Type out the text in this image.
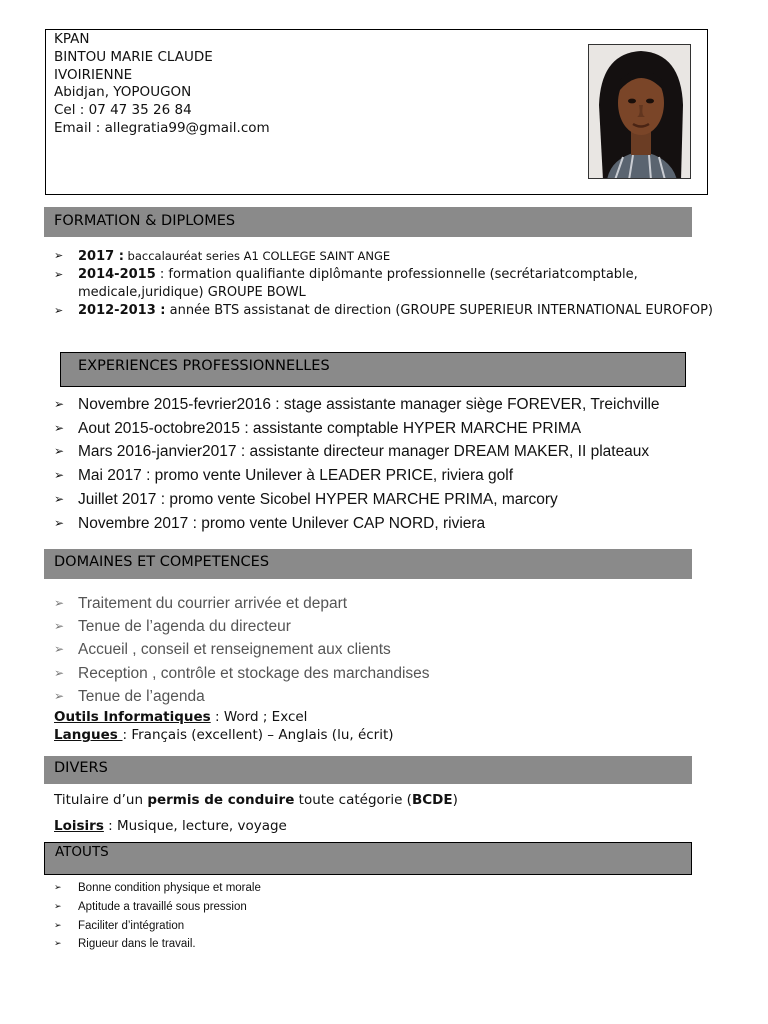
KPAN
BINTOU MARIE CLAUDE
IVOIRIENNE
Abidjan, YOPOUGON
Cel : 07 47 35 26 84
Email : allegratia99@gmail.com
FORMATION & DIPLOMES
➢ 2017 : baccalauréat series A1 COLLEGE SAINT ANGE
➢ 2014-2015 : formation qualifiante diplômante professionnelle (secrétariatcomptable, medicale,juridique) GROUPE BOWL
➢ 2012-2013 : année BTS assistanat de direction (GROUPE SUPERIEUR INTERNATIONAL EUROFOP)
EXPERIENCES PROFESSIONNELLES
➢ Novembre 2015-fevrier2016 : stage assistante manager siège FOREVER, Treichville
➢ Aout 2015-octobre2015 : assistante comptable HYPER MARCHE PRIMA
➢ Mars 2016-janvier2017 : assistante directeur manager DREAM MAKER, II plateaux
➢ Mai 2017 : promo vente Unilever à LEADER PRICE, riviera golf
➢ Juillet 2017 : promo vente Sicobel HYPER MARCHE PRIMA, marcory
➢ Novembre 2017 : promo vente Unilever CAP NORD, riviera
DOMAINES ET COMPETENCES
➢ Traitement du courrier arrivée et depart
➢ Tenue de l’agenda du directeur
➢ Accueil , conseil et renseignement aux clients
➢ Reception , contrôle et stockage des marchandises
➢ Tenue de l’agenda
Outils Informatiques : Word ; Excel
Langues : Français (excellent) – Anglais (lu, écrit)
DIVERS
Titulaire d’un permis de conduire toute catégorie (BCDE)
Loisirs : Musique, lecture, voyage
ATOUTS
➢ Bonne condition physique et morale
➢ Aptitude a travaillé sous pression
➢ Faciliter d’intégration
➢ Rigueur dans le travail.
